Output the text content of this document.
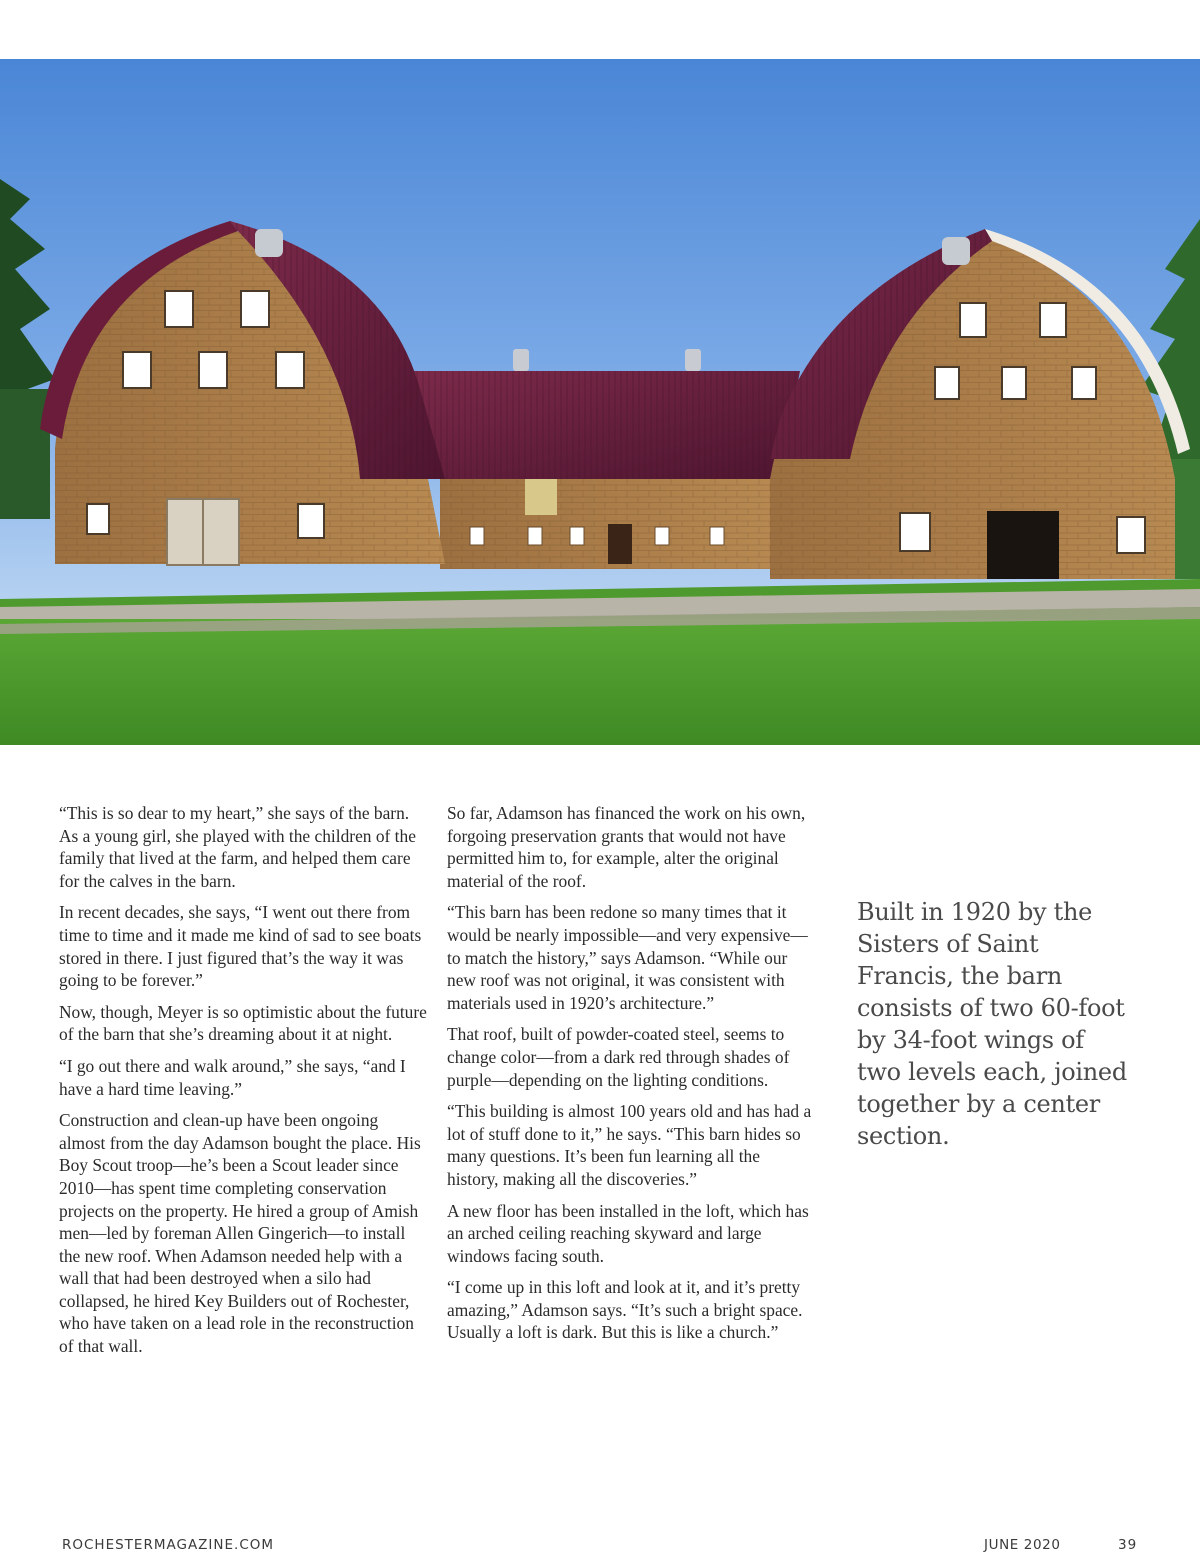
“This is so dear to my heart,” she says of the barn. As a young girl, she played with the children of the family that lived at the farm, and helped them care for the calves in the barn.

In recent decades, she says, “I went out there from time to time and it made me kind of sad to see boats stored in there. I just figured that’s the way it was going to be forever.”

Now, though, Meyer is so optimistic about the future of the barn that she’s dreaming about it at night.

“I go out there and walk around,” she says, “and I have a hard time leaving.”

Construction and clean-up have been ongoing almost from the day Adamson bought the place. His Boy Scout troop—he’s been a Scout leader since 2010—has spent time completing conservation projects on the property. He hired a group of Amish men—led by foreman Allen Gingerich—to install the new roof. When Adamson needed help with a wall that had been destroyed when a silo had collapsed, he hired Key Builders out of Rochester, who have taken on a lead role in the reconstruction of that wall.

So far, Adamson has financed the work on his own, forgoing preservation grants that would not have permitted him to, for example, alter the original material of the roof.

“This barn has been redone so many times that it would be nearly impossible—and very expensive—to match the history,” says Adamson. “While our new roof was not original, it was consistent with materials used in 1920’s architecture.”

That roof, built of powder-coated steel, seems to change color—from a dark red through shades of purple—depending on the lighting conditions.

“This building is almost 100 years old and has had a lot of stuff done to it,” he says. “This barn hides so many questions. It’s been fun learning all the history, making all the discoveries.”

A new floor has been installed in the loft, which has an arched ceiling reaching skyward and large windows facing south.

“I come up in this loft and look at it, and it’s pretty amazing,” Adamson says. “It’s such a bright space. Usually a loft is dark. But this is like a church.”

Built in 1920 by the Sisters of Saint Francis, the barn consists of two 60-foot by 34-foot wings of two levels each, joined together by a center section.

ROCHESTERMAGAZINE.COM	JUNE 2020	39
